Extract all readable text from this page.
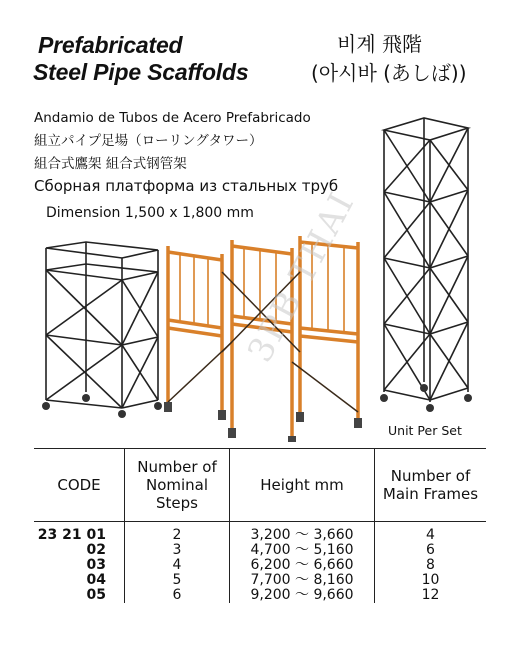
Prefabricated
Steel Pipe Scaffolds
비계 飛階
(아시바 (あしば))
Andamio de Tubos de Acero Prefabricado
組立パイプ足場（ローリングタワー）
組合式鷹架 組合式钢管架
Сборная платформа из стальных труб
Dimension 1,500 x 1,800 mm
3PB THAI
Unit Per Set
CODE	Number of Nominal Steps	Height mm	Number of Main Frames
23 21 01	2	3,200 ～ 3,660	4
02	3	4,700 ～ 5,160	6
03	4	6,200 ～ 6,660	8
04	5	7,700 ～ 8,160	10
05	6	9,200 ～ 9,660	12
